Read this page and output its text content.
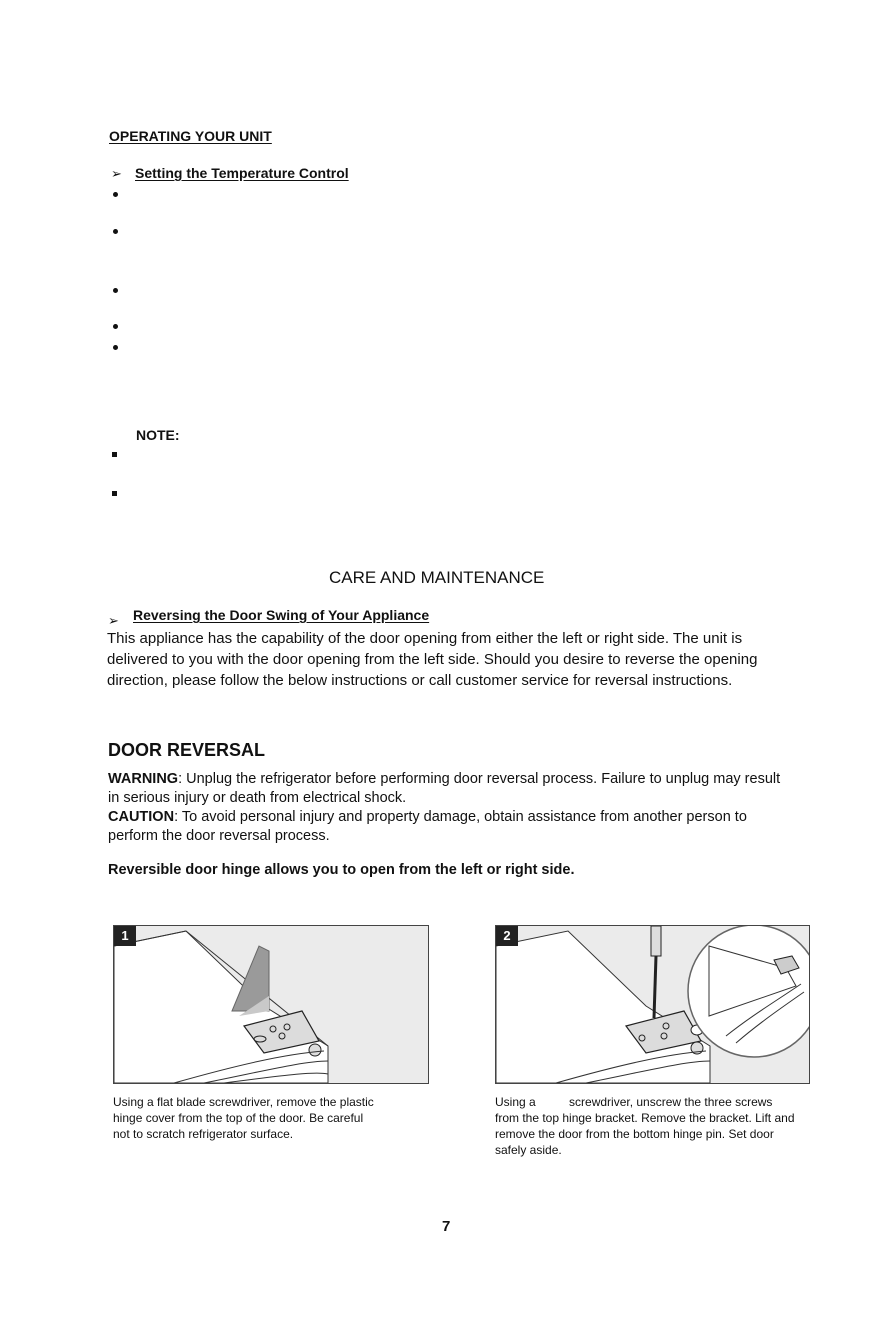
OPERATING YOUR UNIT
➢ Setting the Temperature Control
NOTE:
CARE AND MAINTENANCE
➢ Reversing the Door Swing of Your Appliance
This appliance has the capability of the door opening from either the left or right side. The unit is
delivered to you with the door opening from the left side. Should you desire to reverse the opening
direction, please follow the below instructions or call customer service for reversal instructions.
DOOR REVERSAL
WARNING: Unplug the refrigerator before performing door reversal process. Failure to unplug may result
in serious injury or death from electrical shock.
CAUTION: To avoid personal injury and property damage, obtain assistance from another person to
perform the door reversal process.
Reversible door hinge allows you to open from the left or right side.
1
Using a flat blade screwdriver, remove the plastic
hinge cover from the top of the door. Be careful
not to scratch refrigerator surface.
2
Using a          screwdriver, unscrew the three screws
from the top hinge bracket. Remove the bracket. Lift and
remove the door from the bottom hinge pin. Set door
safely aside.
7
